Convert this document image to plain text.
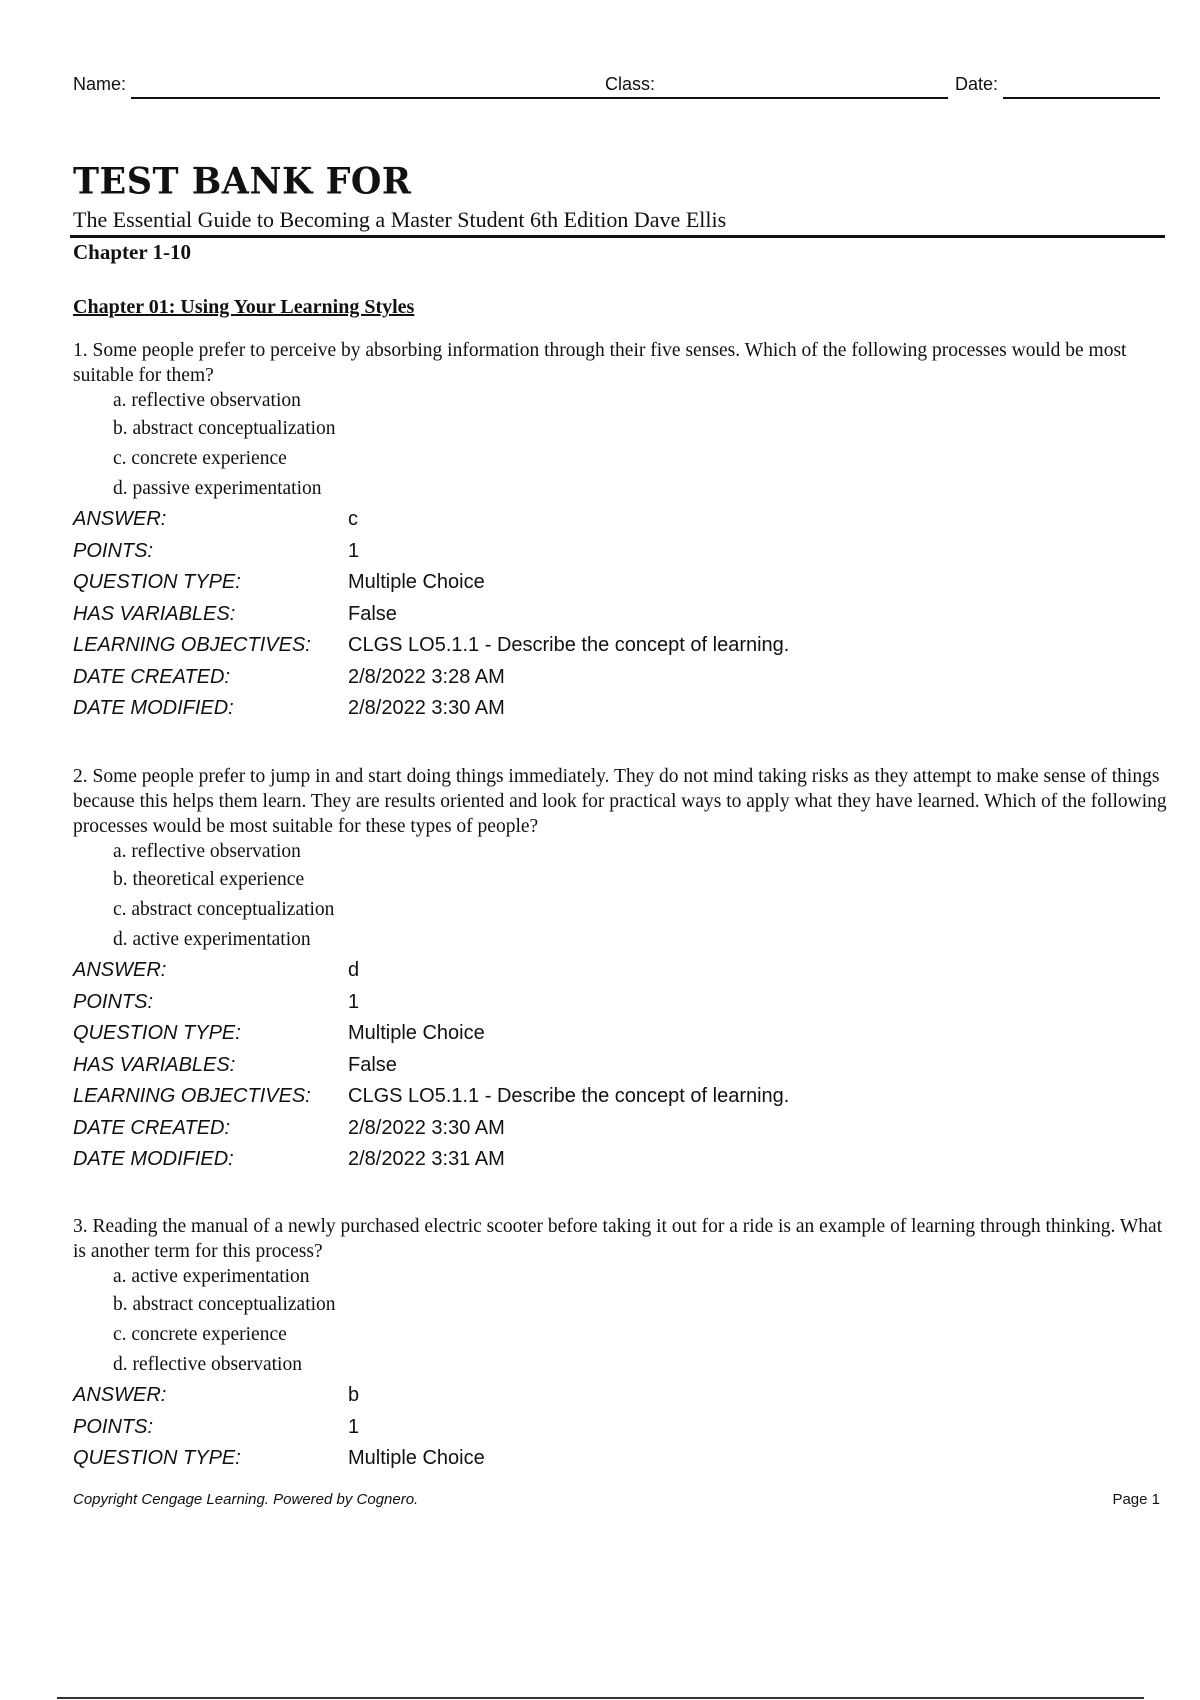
Name:	Class:	Date:
TEST BANK FOR
The Essential Guide to Becoming a Master Student 6th Edition Dave Ellis
Chapter 1-10
Chapter 01: Using Your Learning Styles

1. Some people prefer to perceive by absorbing information through their five senses. Which of the following processes would be most suitable for them?

a. reflective observation
b. abstract conceptualization
c. concrete experience
d. passive experimentation
ANSWER:	c
POINTS:	1
QUESTION TYPE:	Multiple Choice
HAS VARIABLES:	False
LEARNING OBJECTIVES: CLGS LO5.1.1 - Describe the concept of learning.
DATE CREATED:	2/8/2022 3:28 AM
DATE MODIFIED:	2/8/2022 3:30 AM

2. Some people prefer to jump in and start doing things immediately. They do not mind taking risks as they attempt to make sense of things because this helps them learn. They are results oriented and look for practical ways to apply what they have learned. Which of the following processes would be most suitable for these types of people?

a. reflective observation
b. theoretical experience
c. abstract conceptualization
d. active experimentation
ANSWER:	d
POINTS:	1
QUESTION TYPE:	Multiple Choice
HAS VARIABLES:	False
LEARNING OBJECTIVES: CLGS LO5.1.1 - Describe the concept of learning.
DATE CREATED:	2/8/2022 3:30 AM
DATE MODIFIED:	2/8/2022 3:31 AM

3. Reading the manual of a newly purchased electric scooter before taking it out for a ride is an example of learning through thinking. What is another term for this process?

a. active experimentation
b. abstract conceptualization
c. concrete experience
d. reflective observation
ANSWER:	b
POINTS:	1
QUESTION TYPE:	Multiple Choice
Copyright Cengage Learning. Powered by Cognero.	Page 1
